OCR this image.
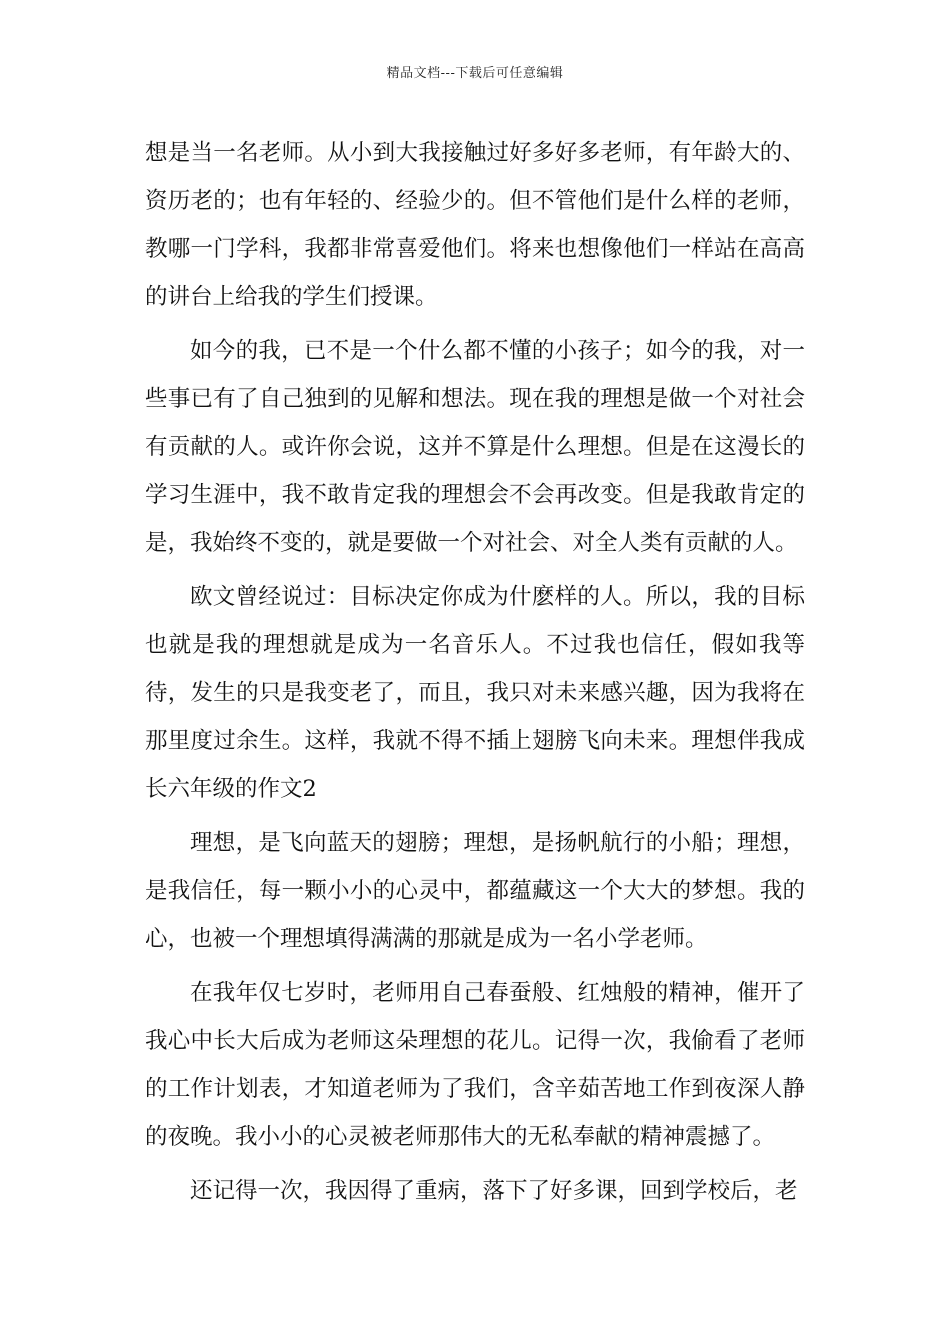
精品文档---下载后可任意编辑

想是当一名老师。从小到大我接触过好多好多老师，有年龄大的、资历老的；也有年轻的、经验少的。但不管他们是什么样的老师，教哪一门学科，我都非常喜爱他们。将来也想像他们一样站在高高的讲台上给我的学生们授课。

如今的我，已不是一个什么都不懂的小孩子；如今的我，对一些事已有了自己独到的见解和想法。现在我的理想是做一个对社会有贡献的人。或许你会说，这并不算是什么理想。但是在这漫长的学习生涯中，我不敢肯定我的理想会不会再改变。但是我敢肯定的是，我始终不变的，就是要做一个对社会、对全人类有贡献的人。

欧文曾经说过：目标决定你成为什麽样的人。所以，我的目标也就是我的理想就是成为一名音乐人。不过我也信任，假如我等待，发生的只是我变老了，而且，我只对未来感兴趣，因为我将在那里度过余生。这样，我就不得不插上翅膀飞向未来。理想伴我成长六年级的作文2

理想，是飞向蓝天的翅膀；理想，是扬帆航行的小船；理想，是我信任，每一颗小小的心灵中，都蕴藏这一个大大的梦想。我的心，也被一个理想填得满满的那就是成为一名小学老师。

在我年仅七岁时，老师用自己春蚕般、红烛般的精神，催开了我心中长大后成为老师这朵理想的花儿。记得一次，我偷看了老师的工作计划表，才知道老师为了我们，含辛茹苦地工作到夜深人静的夜晚。我小小的心灵被老师那伟大的无私奉献的精神震撼了。

还记得一次，我因得了重病，落下了好多课，回到学校后，老
